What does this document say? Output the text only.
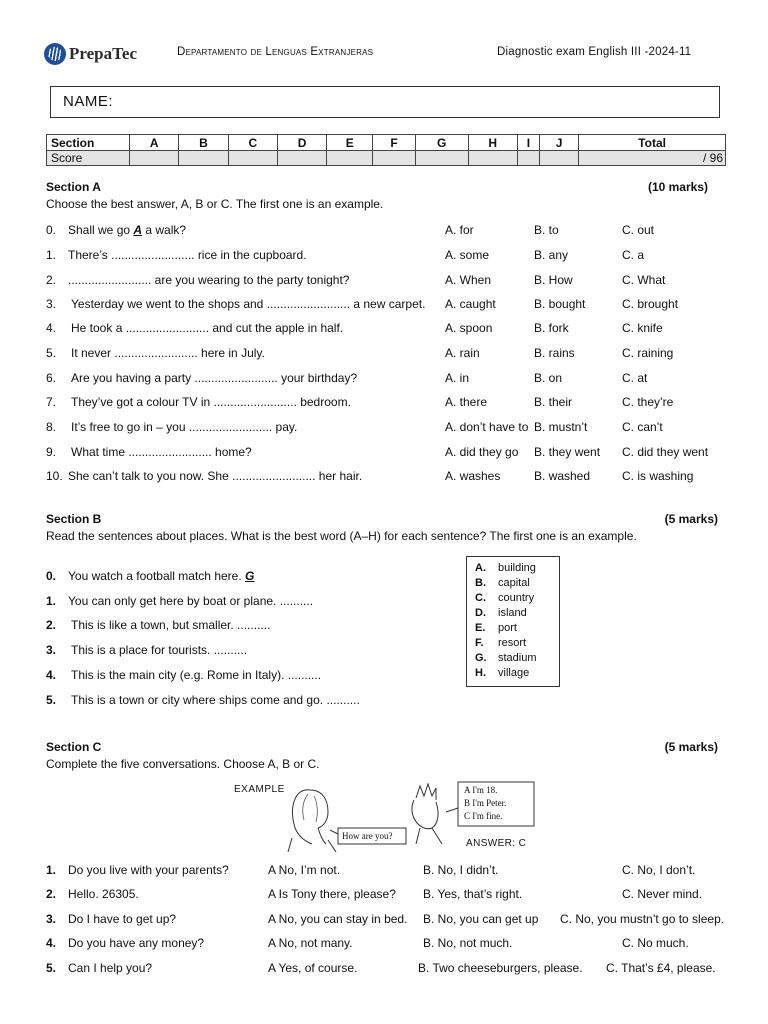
PrepaTec	Departamento de Lenguas Extranjeras	Diagnostic exam English III -2024-11
NAME:
Section	A	B	C	D	E	F	G	H	I	J	Total
Score											/ 96
Section A	(10 marks)
Choose the best answer, A, B or C. The first one is an example.
0. Shall we go A a walk?	A. for	B. to	C. out
1. There’s ......................... rice in the cupboard.	A. some	B. any	C. a
2. ......................... are you wearing to the party tonight?	A. When	B. How	C. What
3. Yesterday we went to the shops and ......................... a new carpet. A. caught	B. bought	C. brought
4. He took a ......................... and cut the apple in half.	A. spoon	B. fork	C. knife
5. It never ......................... here in July.	A. rain	B. rains	C. raining
6. Are you having a party ......................... your birthday?	A. in	B. on	C. at
7. They’ve got a colour TV in ......................... bedroom.	A. there	B. their	C. they’re
8. It’s free to go in – you ......................... pay.	A. don’t have to B. mustn’t	C. can’t
9. What time ......................... home?	A. did they go B. they went C. did they went
10. She can’t talk to you now. She ......................... her hair.	A. washes	B. washed	C. is washing
Section B	(5 marks)
Read the sentences about places. What is the best word (A–H) for each sentence? The first one is an example.
0. You watch a football match here. G
1. You can only get here by boat or plane. ..........
2. This is like a town, but smaller. ..........
3. This is a place for tourists. ..........
4. This is the main city (e.g. Rome in Italy). ..........
5. This is a town or city where ships come and go. ..........
A. building
B. capital
C. country
D. island
E. port
F. resort
G. stadium
H. village
Section C	(5 marks)
Complete the five conversations. Choose A, B or C.
EXAMPLE
How are you?
A I'm 18.
B I'm Peter.
C I'm fine.
ANSWER: C
1. Do you live with your parents?	A No, I’m not.	B. No, I didn’t.	C. No, I don’t.
2. Hello. 26305.	A Is Tony there, please? B. Yes, that’s right.	C. Never mind.
3. Do I have to get up?	A No, you can stay in bed. B. No, you can get up C. No, you mustn’t go to sleep.
4. Do you have any money?	A No, not many.	B. No, not much.	C. No much.
5. Can I help you?	A Yes, of course.	B. Two cheeseburgers, please. C. That’s £4, please.
